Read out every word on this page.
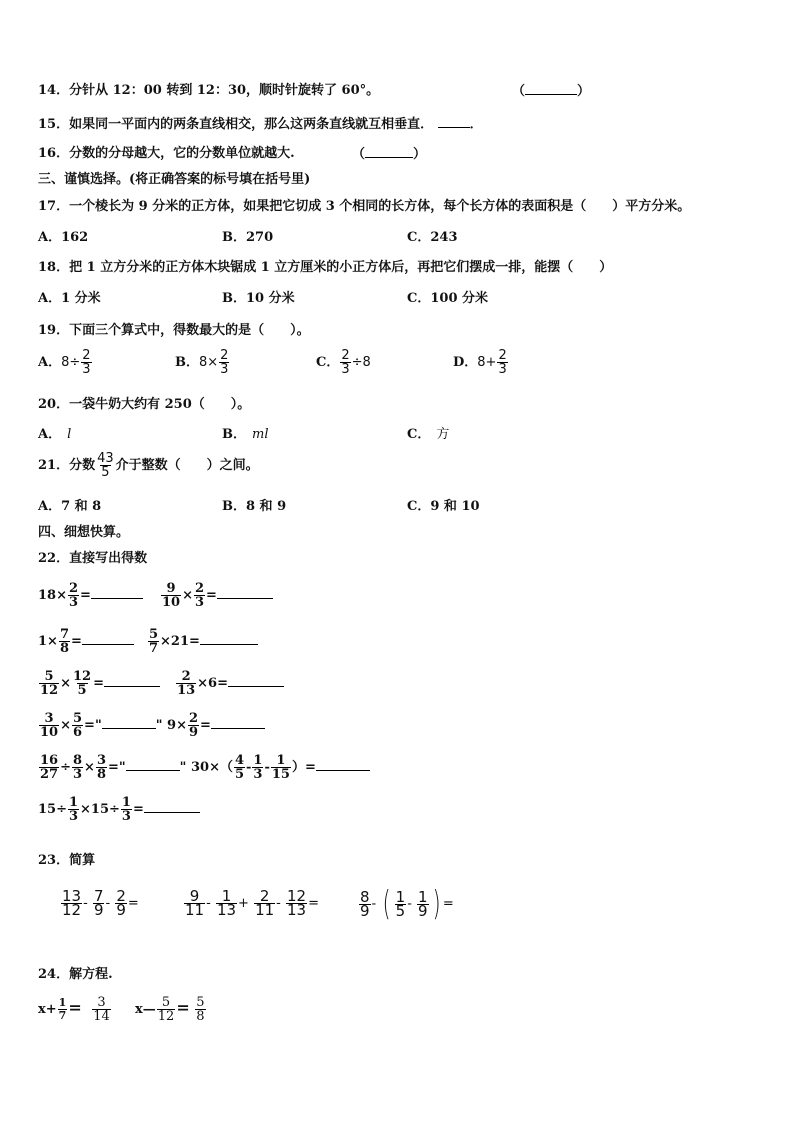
14．分针从 12：00 转到 12：30，顺时针旋转了 60°。	（	）
15．如果同一平面内的两条直线相交，那么这两条直线就互相垂直．	．
16．分数的分母越大，它的分数单位就越大.	（	）
三、谨慎选择。(将正确答案的标号填在括号里)
17．一个棱长为 9 分米的正方体，如果把它切成 3 个相同的长方体，每个长方体的表面积是（　　）平方分米。
A．162	B．270	C．243
18．把 1 立方分米的正方体木块锯成 1 立方厘米的小正方体后，再把它们摆成一排，能摆（　　）
A．1 分米	B．10 分米	C．100 分米
19．下面三个算式中，得数最大的是（　　）。
A．$8\div \frac{2}{3}$	B．$8\times \frac{2}{3}$	C． $\frac{2}{3} \div 8$	D．$8+ \frac{2}{3}$
20．一袋牛奶大约有 250（　　）。
A． l	B． ml	C． 方
21．分数 $\frac{43}{5}$ 介于整数（　　）之间。
A．7 和 8	B．8 和 9	C．9 和 10
四、细想快算。
22．直接写出得数
$18\times \frac{2}{3}$ =	$\frac{9}{10} \times \frac{2}{3}$ =
$1\times \frac{7}{8}$ =	$\frac{5}{7} \times 21=$
$\frac{5}{12} \times \frac{12}{5}$ =	$\frac{2}{13} \times 6=$
$\frac{3}{10} \times \frac{5}{6}$ ="	" $9\times \frac{2}{9}$ =
$\frac{16}{27} \div \frac{8}{3} \times \frac{3}{8}$ ="	" $30\times( \frac{4}{5} - \frac{1}{3} - \frac{1}{15}$ ）=
$15\div \frac{1}{3} \times 15\div \frac{1}{3}$ =
23．简算
$\frac{13}{12} - \frac{7}{9} - \frac{2}{9}$ =	$\frac{9}{11} - \frac{1}{13} + \frac{2}{11} - \frac{12}{13}$ =	$\frac{8}{9}$ - ( $\frac{1}{5} - \frac{1}{9}$ ) =
24．解方程.
$x+ \frac{1}{7} = \frac{3}{14}$ x— $\frac{5}{12} = \frac{5}{8}$
